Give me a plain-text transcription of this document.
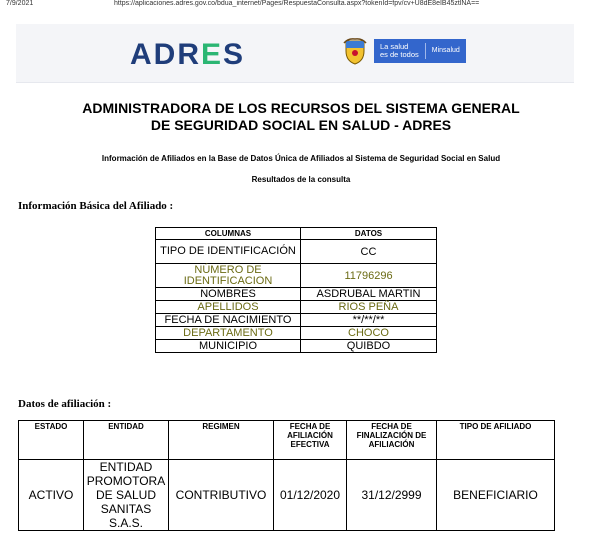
7/9/2021	https://aplicaciones.adres.gov.co/bdua_internet/Pages/RespuestaConsulta.aspx?tokenId=fpv/cv+U8dE8eIB45ztlNA==
ADRES	La salud
es de todos Minsalud
ADMINISTRADORA DE LOS RECURSOS DEL SISTEMA GENERAL
DE SEGURIDAD SOCIAL EN SALUD - ADRES
Información de Afiliados en la Base de Datos Única de Afiliados al Sistema de Seguridad Social en Salud
Resultados de la consulta
Información Básica del Afiliado :
COLUMNAS	DATOS
TIPO DE IDENTIFICACIÓN	CC
NÚMERO DE IDENTIFICACION	11796296
NOMBRES	ASDRUBAL MARTIN
APELLIDOS	RIOS PEÑA
FECHA DE NACIMIENTO	**/**/**
DEPARTAMENTO	CHOCO
MUNICIPIO	QUIBDO
Datos de afiliación :
ESTADO	ENTIDAD	REGIMEN	FECHA DE AFILIACIÓN EFECTIVA	FECHA DE FINALIZACIÓN DE AFILIACIÓN	TIPO DE AFILIADO
ACTIVO	ENTIDAD PROMOTORA DE SALUD SANITAS S.A.S.	CONTRIBUTIVO	01/12/2020	31/12/2999	BENEFICIARIO
